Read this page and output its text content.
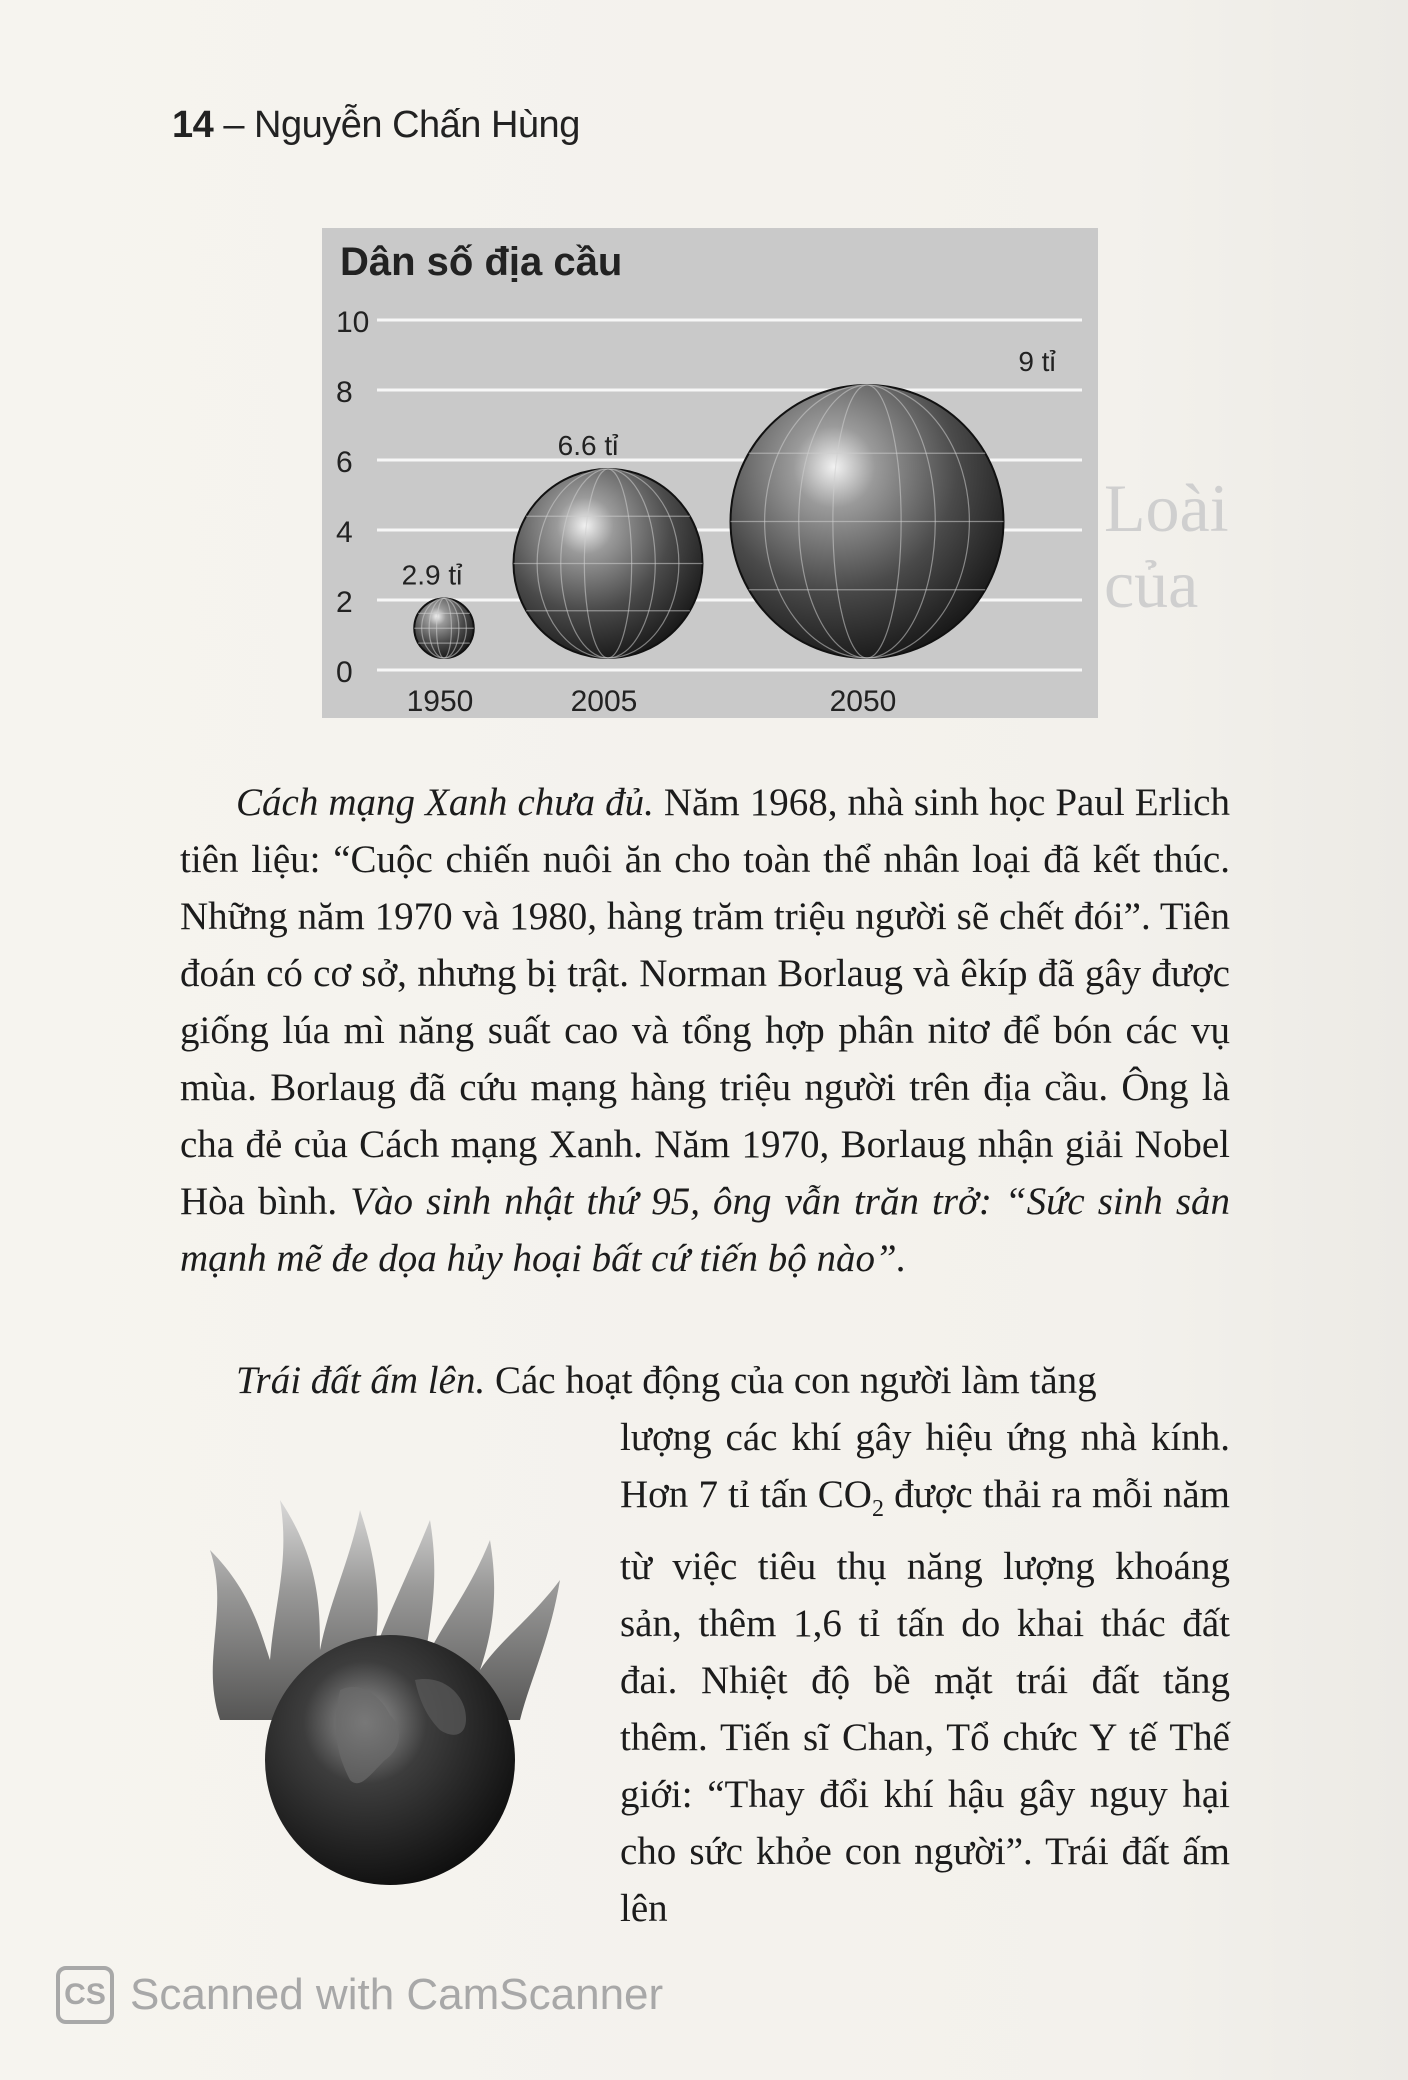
Loài
của
14 – Nguyễn Chấn Hùng
0
2
4
6
8
10
2.9 tỉ
6.6 tỉ
9 tỉ
1950	2005	2050
Dân số địa cầu

Cách mạng Xanh chưa đủ. Năm 1968, nhà sinh học Paul Erlich tiên liệu: “Cuộc chiến nuôi ăn cho toàn thể nhân loại đã kết thúc. Những năm 1970 và 1980, hàng trăm triệu người sẽ chết đói”. Tiên đoán có cơ sở, nhưng bị trật. Norman Borlaug và êkíp đã gây được giống lúa mì năng suất cao và tổng hợp phân nitơ để bón các vụ mùa. Borlaug đã cứu mạng hàng triệu người trên địa cầu. Ông là cha đẻ của Cách mạng Xanh. Năm 1970, Borlaug nhận giải Nobel Hòa bình. Vào sinh nhật thứ 95, ông vẫn trăn trở: “Sức sinh sản mạnh mẽ đe dọa hủy hoại bất cứ tiến bộ nào”.

Trái đất ấm lên. Các hoạt động của con người làm tăng

lượng các khí gây hiệu ứng nhà kính. Hơn 7 tỉ tấn $CO_2$ được thải ra mỗi năm từ việc tiêu thụ năng lượng khoáng sản, thêm 1,6 tỉ tấn do khai thác đất đai. Nhiệt độ bề mặt trái đất tăng thêm. Tiến sĩ Chan, Tổ chức Y tế Thế giới: “Thay đổi khí hậu gây nguy hại cho sức khỏe con người”. Trái đất ấm lên

CS Scanned with CamScanner
